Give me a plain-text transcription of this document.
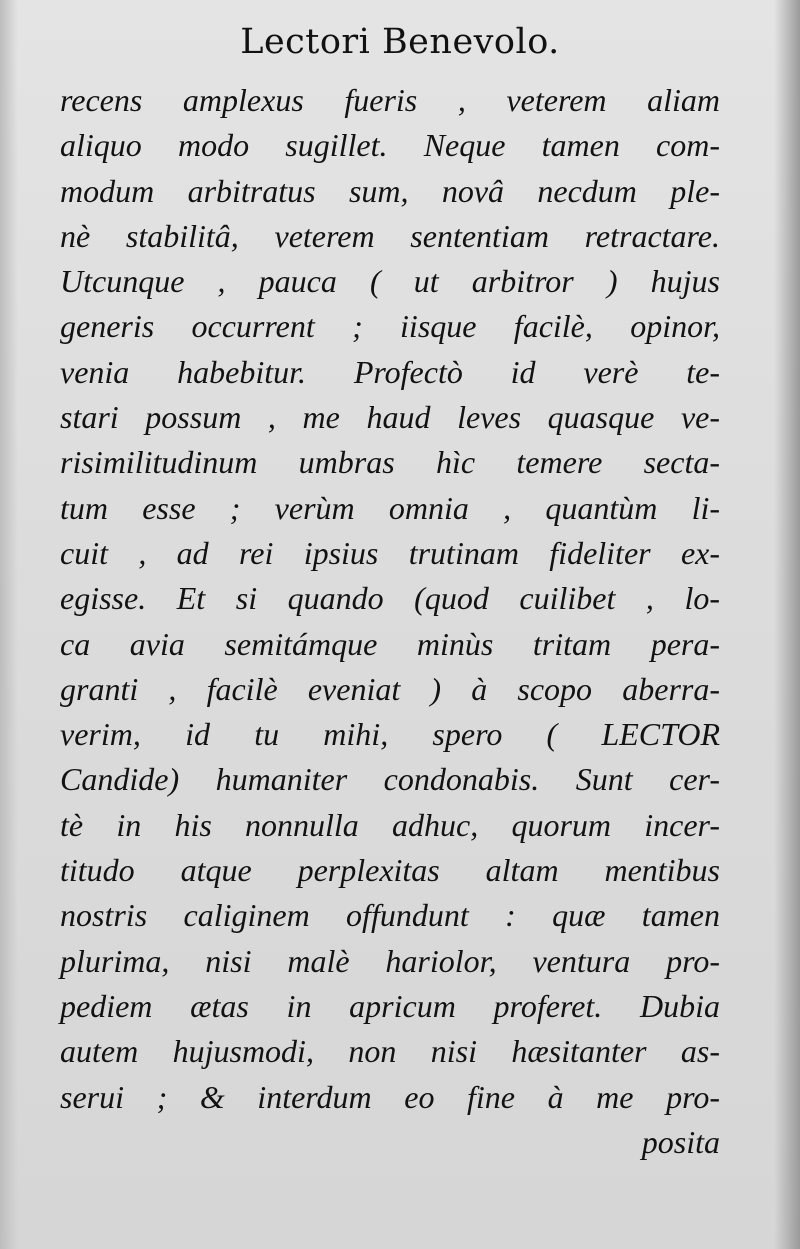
Lectori Benevolo.
recens amplexus fueris , veterem aliam
aliquo modo sugillet. Neque tamen com-
modum arbitratus sum, novâ necdum ple-
nè stabilitâ, veterem sententiam retractare.
Utcunque , pauca ( ut arbitror ) hujus
generis occurrent ; iisque facilè, opinor,
venia habebitur. Profectò id verè te-
stari possum , me haud leves quasque ve-
risimilitudinum umbras hìc temere secta-
tum esse ; verùm omnia , quantùm li-
cuit , ad rei ipsius trutinam fideliter ex-
egisse. Et si quando (quod cuilibet , lo-
ca avia semitámque minùs tritam pera-
granti , facilè eveniat ) à scopo aberra-
verim, id tu mihi, spero ( LECTOR
Candide) humaniter condonabis. Sunt cer-
tè in his nonnulla adhuc, quorum incer-
titudo atque perplexitas altam mentibus
nostris caliginem offundunt : quæ tamen
plurima, nisi malè hariolor, ventura pro-
pediem ætas in apricum proferet. Dubia
autem hujusmodi, non nisi hæsitanter as-
serui ; & interdum eo fine à me pro-
posita
